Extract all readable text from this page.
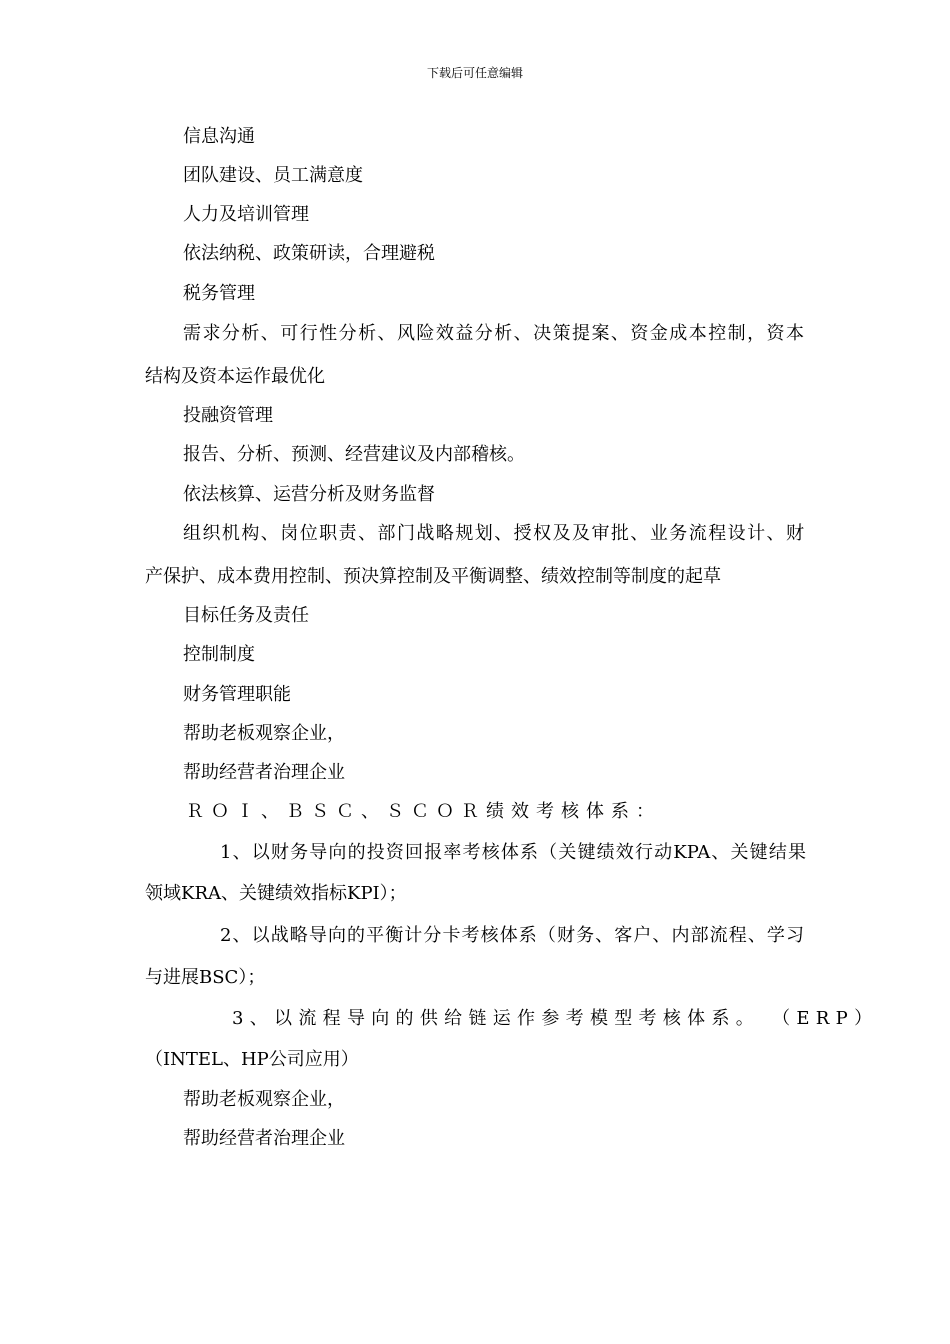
下载后可任意编辑
信息沟通
团队建设、员工满意度
人力及培训管理
依法纳税、政策研读，合理避税
税务管理
需求分析、可行性分析、风险效益分析、决策提案、资金成本控制，资本
结构及资本运作最优化
投融资管理
报告、分析、预测、经营建议及内部稽核。
依法核算、运营分析及财务监督
组织机构、岗位职责、部门战略规划、授权及及审批、业务流程设计、财
产保护、成本费用控制、预决算控制及平衡调整、绩效控制等制度的起草
目标任务及责任
控制制度
财务管理职能
帮助老板观察企业，
帮助经营者治理企业
ＲＯＩ、ＢＳＣ、ＳＣＯＲ绩效考核体系：
1、以财务导向的投资回报率考核体系（关键绩效行动KPA、关键结果
领域KRA、关键绩效指标KPI）；
2、以战略导向的平衡计分卡考核体系（财务、客户、内部流程、学习
与进展BSC）；
3、以流程导向的供给链运作参考模型考核体系。 （ERP）
（INTEL、HP公司应用）
帮助老板观察企业，
帮助经营者治理企业
